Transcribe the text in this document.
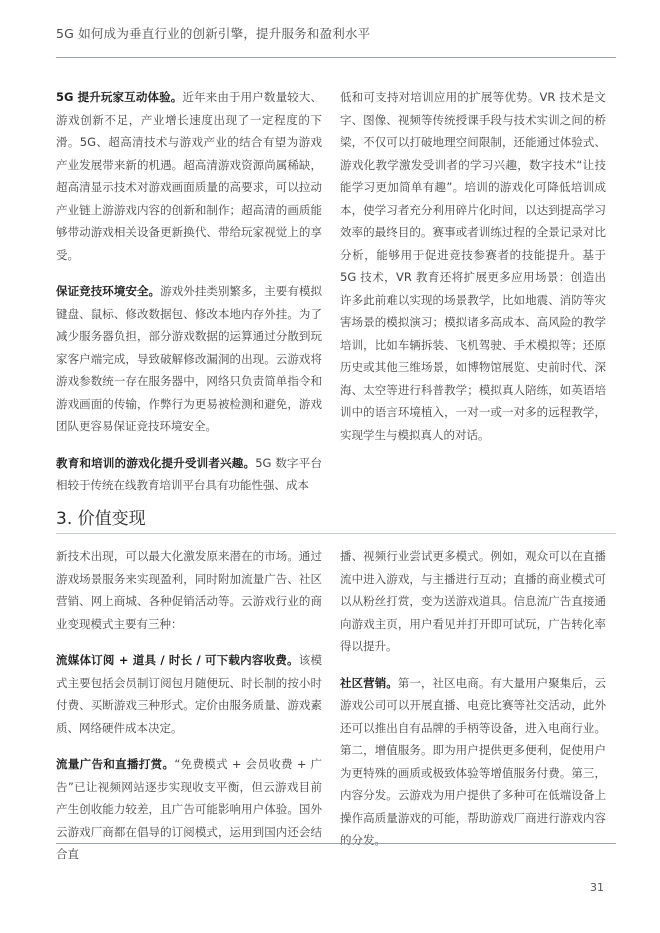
5G 如何成为垂直行业的创新引擎，提升服务和盈利水平

5G 提升玩家互动体验。近年来由于用户数量较大、游戏创新不足，产业增长速度出现了一定程度的下滑。5G、超高清技术与游戏产业的结合有望为游戏产业发展带来新的机遇。超高清游戏资源尚属稀缺，超高清显示技术对游戏画面质量的高要求，可以拉动产业链上游游戏内容的创新和制作；超高清的画质能够带动游戏相关设备更新换代、带给玩家视觉上的享受。

保证竞技环境安全。游戏外挂类别繁多，主要有模拟键盘、鼠标、修改数据包、修改本地内存外挂。为了减少服务器负担，部分游戏数据的运算通过分散到玩家客户端完成，导致破解修改漏洞的出现。云游戏将游戏参数统一存在服务器中，网络只负责简单指令和游戏画面的传输，作弊行为更易被检测和避免，游戏团队更容易保证竞技环境安全。

教育和培训的游戏化提升受训者兴趣。5G 数字平台相较于传统在线教育培训平台具有功能性强、成本

低和可支持对培训应用的扩展等优势。VR 技术是文字、图像、视频等传统授课手段与技术实训之间的桥梁，不仅可以打破地理空间限制，还能通过体验式、游戏化教学激发受训者的学习兴趣，数字技术“让技能学习更加简单有趣”。培训的游戏化可降低培训成本，使学习者充分利用碎片化时间，以达到提高学习效率的最终目的。赛事或者训练过程的全景记录对比分析，能够用于促进竞技参赛者的技能提升。基于 5G 技术，VR 教育还将扩展更多应用场景：创造出许多此前难以实现的场景教学，比如地震、消防等灾害场景的模拟演习；模拟诸多高成本、高风险的教学培训，比如车辆拆装、飞机驾驶、手术模拟等；还原历史或其他三维场景，如博物馆展览、史前时代、深海、太空等进行科普教学；模拟真人陪练，如英语培训中的语言环境植入，一对一或一对多的远程教学，实现学生与模拟真人的对话。

3. 价值变现

新技术出现，可以最大化激发原来潜在的市场。通过游戏场景服务来实现盈利，同时附加流量广告、社区营销、网上商城、各种促销活动等。云游戏行业的商业变现模式主要有三种：

流媒体订阅 + 道具 / 时长 / 可下载内容收费。该模式主要包括会员制订阅包月随便玩、时长制的按小时付费、买断游戏三种形式。定价由服务质量、游戏素质、网络硬件成本决定。

流量广告和直播打赏。“免费模式 + 会员收费 + 广告”已让视频网站逐步实现收支平衡，但云游戏目前产生创收能力较差，且广告可能影响用户体验。国外云游戏厂商都在倡导的订阅模式，运用到国内还会结合直

播、视频行业尝试更多模式。例如，观众可以在直播流中进入游戏，与主播进行互动；直播的商业模式可以从粉丝打赏，变为送游戏道具。信息流广告直接通向游戏主页，用户看见并打开即可试玩，广告转化率得以提升。

社区营销。第一，社区电商。有大量用户聚集后，云游戏公司可以开展直播、电竞比赛等社交活动，此外还可以推出自有品牌的手柄等设备，进入电商行业。第二，增值服务。即为用户提供更多便利，促使用户为更特殊的画质或极致体验等增值服务付费。第三，内容分发。云游戏为用户提供了多种可在低端设备上操作高质量游戏的可能，帮助游戏厂商进行游戏内容的分发。

31
